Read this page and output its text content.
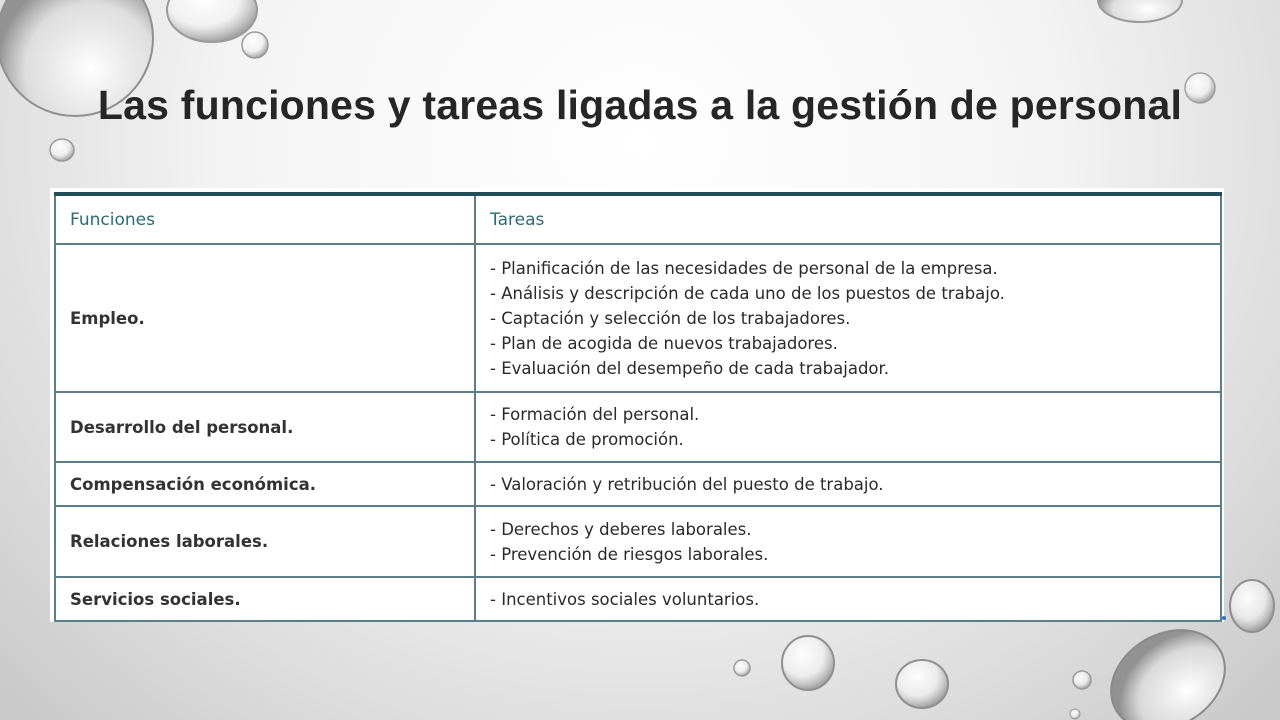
Las funciones y tareas ligadas a la gestión de personal
Funciones	Tareas
Empleo.	- Planificación de las necesidades de personal de la empresa.
- Análisis y descripción de cada uno de los puestos de trabajo.
- Captación y selección de los trabajadores.
- Plan de acogida de nuevos trabajadores.
- Evaluación del desempeño de cada trabajador.

Desarrollo del personal.	- Formación del personal.
- Política de promoción.

Compensación económica.	- Valoración y retribución del puesto de trabajo.

Relaciones laborales.	- Derechos y deberes laborales.
- Prevención de riesgos laborales.

Servicios sociales.	- Incentivos sociales voluntarios.
